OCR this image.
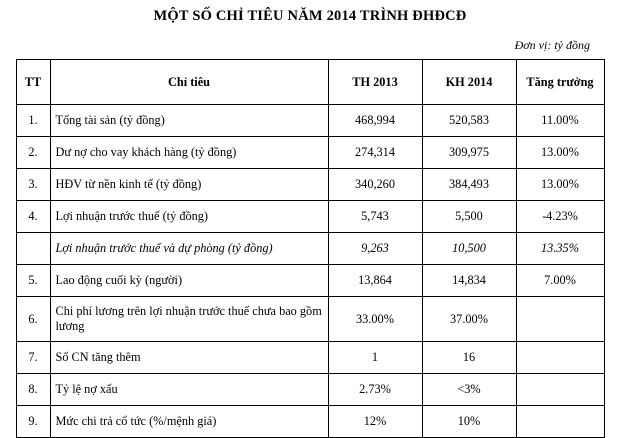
MỘT SỐ CHỈ TIÊU NĂM 2014 TRÌNH ĐHĐCĐ
Đơn vị: tỷ đồng
TT	Chỉ tiêu	TH 2013	KH 2014	Tăng trưởng
1.	Tổng tài sản (tỷ đồng)	468,994	520,583	11.00%
2.	Dư nợ cho vay khách hàng (tỷ đồng)	274,314	309,975	13.00%
3.	HĐV từ nền kinh tế (tỷ đồng)	340,260	384,493	13.00%
4.	Lợi nhuận trước thuế (tỷ đồng)	5,743	5,500	-4.23%
	Lợi nhuận trước thuế và dự phòng (tỷ đồng)	9,263	10,500	13.35%
5.	Lao động cuối kỳ (người)	13,864	14,834	7.00%
6.	Chi phí lương trên lợi nhuận trước thuế chưa bao gồm lương	33.00%	37.00%	
7.	Số CN tăng thêm	1	16	
8.	Tỷ lệ nợ xấu	2.73%	<3%	
9.	Mức chi trả cổ tức (%/mệnh giá)	12%	10%	
